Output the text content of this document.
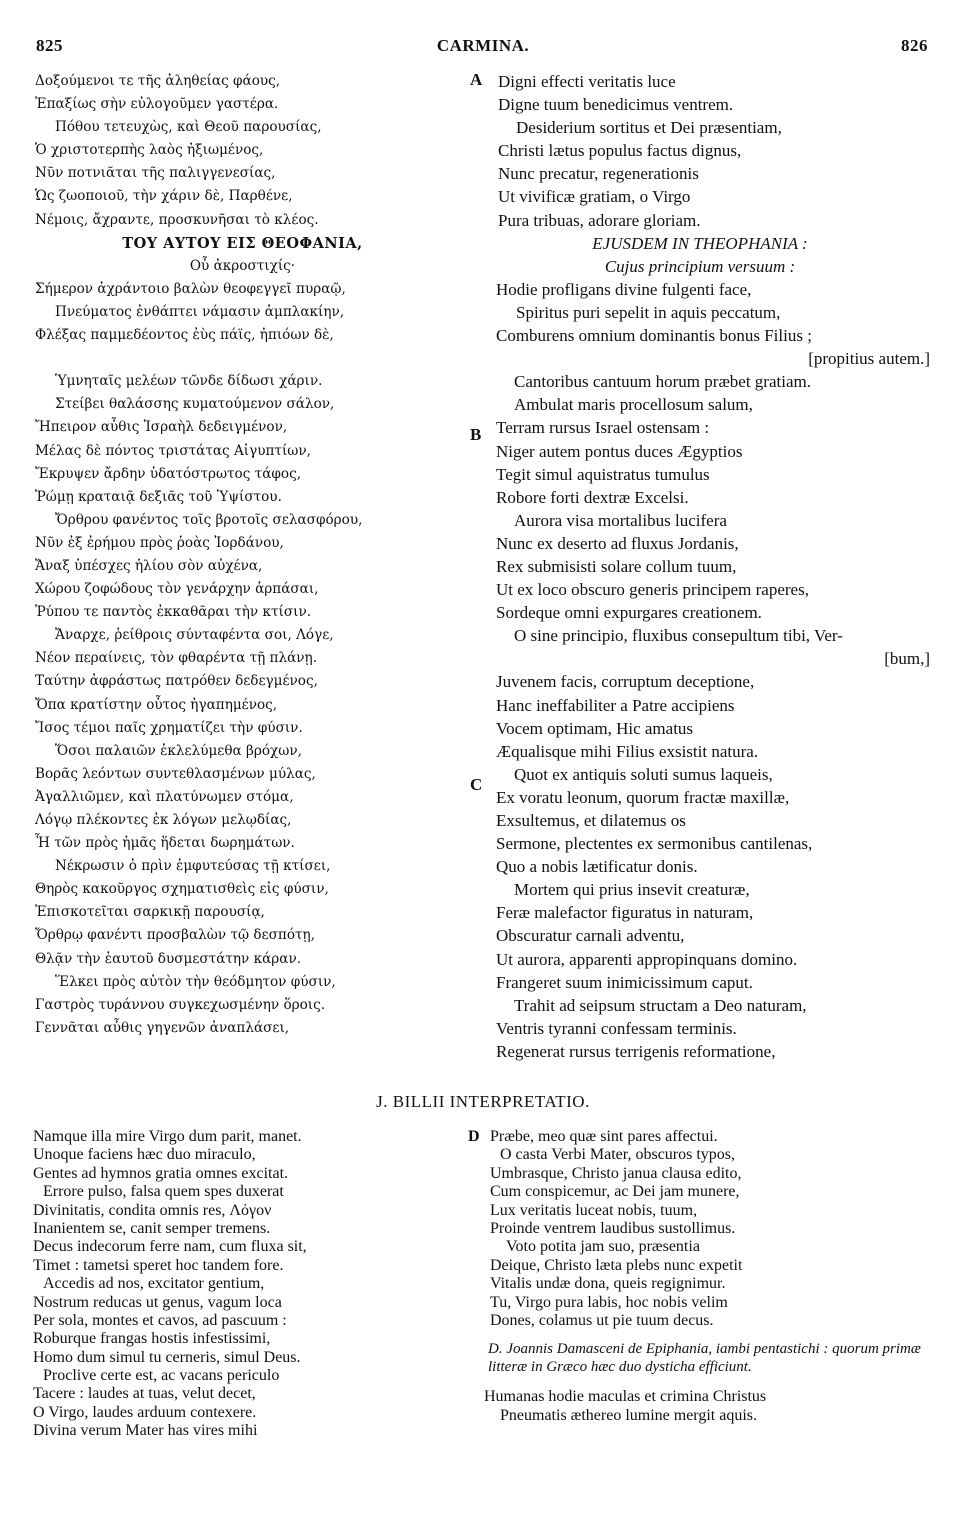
825	CARMINA.	826
Δοξούμενοι τε τῆς ἀληθείας φάους,
Ἐπαξίως σὴν εὐλογοῦμεν γαστέρα.
Πόθου τετευχὼς, καὶ Θεοῦ παρουσίας,
Ὁ χριστοτερπὴς λαὸς ἠξιωμένος,
Νῦν ποτνιᾶται τῆς παλιγγενεσίας,
Ὡς ζωοποιοῦ, τὴν χάριν δὲ, Παρθένε,
Νέμοις, ἄχραντε, προσκυνῆσαι τὸ κλέος.
ΤΟΥ ΑΥΤΟΥ ΕΙΣ ΘΕΟΦΑΝΙΑ,
Οὗ ἀκροστιχίς·
Σήμερον ἀχράντοιο βαλὼν θεοφεγγεῖ πυραῷ,
Πνεύματος ἐνθάπτει νάμασιν ἀμπλακίην,
Φλέξας παμμεδέοντος ἐὺς πάϊς, ἠπιόων δὲ,
Ὑμνηταῖς μελέων τῶνδε δίδωσι χάριν.
Στείβει θαλάσσης κυματούμενον σάλον,
Ἤπειρον αὖθις Ἰσραὴλ δεδειγμένον,
Μέλας δὲ πόντος τριστάτας Αἰγυπτίων,
Ἔκρυψεν ἄρδην ὑδατόστρωτος τάφος,
Ῥώμῃ κραταιᾷ δεξιᾶς τοῦ Ὑψίστου.
Ὄρθρου φανέντος τοῖς βροτοῖς σελασφόρου,
Νῦν ἐξ ἐρήμου πρὸς ῥοὰς Ἰορδάνου,
Ἄναξ ὑπέσχες ἡλίου σὸν αὐχένα,
Χώρου ζοφώδους τὸν γενάρχην ἁρπάσαι,
Ῥύπου τε παντὸς ἐκκαθᾶραι τὴν κτίσιν.
Ἄναρχε, ῥείθροις σύνταφέντα σοι, Λόγε,
Νέον περαίνεις, τὸν φθαρέντα τῇ πλάνῃ.
Ταύτην ἀφράστως πατρόθεν δεδεγμένος,
Ὄπα κρατίστην οὗτος ἠγαπημένος,
Ἴσος τέμοι παῖς χρηματίζει τὴν φύσιν.
Ὅσοι παλαιῶν ἐκλελύμεθα βρόχων,
Βορᾶς λεόντων συντεθλασμένων μύλας,
Ἀγαλλιῶμεν, καὶ πλατύνωμεν στόμα,
Λόγῳ πλέκοντες ἐκ λόγων μελῳδίας,
Ἧ τῶν πρὸς ἡμᾶς ἥδεται δωρημάτων.
Νέκρωσιν ὁ πρὶν ἐμφυτεύσας τῇ κτίσει,
Θηρὸς κακοῦργος σχηματισθεὶς εἰς φύσιν,
Ἐπισκοτεῖται σαρκικῇ παρουσίᾳ,
Ὄρθρῳ φανέντι προσβαλὼν τῷ δεσπότῃ,
Θλᾷν τὴν ἑαυτοῦ δυσμεστάτην κάραν.
Ἕλκει πρὸς αὐτὸν τὴν θεόδμητον φύσιν,
Γαστρὸς τυράννου συγκεχωσμένην ὅροις.
Γεννᾶται αὖθις γηγενῶν ἀναπλάσει,
A
B
C
Digni effecti veritatis luce
Digne tuum benedicimus ventrem.
Desiderium sortitus et Dei præsentiam,
Christi lætus populus factus dignus,
Nunc precatur, regenerationis
Ut vivificæ gratiam, o Virgo
Pura tribuas, adorare gloriam.
EJUSDEM IN THEOPHANIA :
Cujus principium versuum :
Hodie profligans divine fulgenti face,
Spiritus puri sepelit in aquis peccatum,
Comburens omnium dominantis bonus Filius ;
[propitius autem.]
Cantoribus cantuum horum præbet gratiam.
Ambulat maris procellosum salum,
Terram rursus Israel ostensam :
Niger autem pontus duces Ægyptios
Tegit simul aquistratus tumulus
Robore forti dextræ Excelsi.
Aurora visa mortalibus lucifera
Nunc ex deserto ad fluxus Jordanis,
Rex submisisti solare collum tuum,
Ut ex loco obscuro generis principem raperes,
Sordeque omni expurgares creationem.
O sine principio, fluxibus consepultum tibi, Ver-
[bum,]
Juvenem facis, corruptum deceptione,
Hanc ineffabiliter a Patre accipiens
Vocem optimam, Hic amatus
Æqualisque mihi Filius exsistit natura.
Quot ex antiquis soluti sumus laqueis,
Ex voratu leonum, quorum fractæ maxillæ,
Exsultemus, et dilatemus os
Sermone, plectentes ex sermonibus cantilenas,
Quo a nobis lætificatur donis.
Mortem qui prius insevit creaturæ,
Feræ malefactor figuratus in naturam,
Obscuratur carnali adventu,
Ut aurora, apparenti appropinquans domino.
Frangeret suum inimicissimum caput.
Trahit ad seipsum structam a Deo naturam,
Ventris tyranni confessam terminis.
Regenerat rursus terrigenis reformatione,
J. BILLII INTERPRETATIO.
Namque illa mire Virgo dum parit, manet.
Unoque faciens hæc duo miraculo,
Gentes ad hymnos gratia omnes excitat.
Errore pulso, falsa quem spes duxerat
Divinitatis, condita omnis res, Λόγον
Inanientem se, canit semper tremens.
Decus indecorum ferre nam, cum fluxa sit,
Timet : tametsi speret hoc tandem fore.
Accedis ad nos, excitator gentium,
Nostrum reducas ut genus, vagum loca
Per sola, montes et cavos, ad pascuum :
Roburque frangas hostis infestissimi,
Homo dum simul tu cerneris, simul Deus.
Proclive certe est, ac vacans periculo
Tacere : laudes at tuas, velut decet,
O Virgo, laudes arduum contexere.
Divina verum Mater has vires mihi
D Præbe, meo quæ sint pares affectui.
O casta Verbi Mater, obscuros typos,
Umbrasque, Christo janua clausa edito,
Cum conspicemur, ac Dei jam munere,
Lux veritatis luceat nobis, tuum,
Proinde ventrem laudibus sustollimus.
Voto potita jam suo, præsentia
Deique, Christo læta plebs nunc expetit
Vitalis undæ dona, queis regignimur.
Tu, Virgo pura labis, hoc nobis velim
Dones, colamus ut pie tuum decus.
D. Joannis Damasceni de Epiphania, iambi pentastichi : quorum primæ litteræ in Græco hæc duo dysticha efficiunt.
Humanas hodie maculas et crimina Christus
Pneumatis æthereo lumine mergit aquis.
